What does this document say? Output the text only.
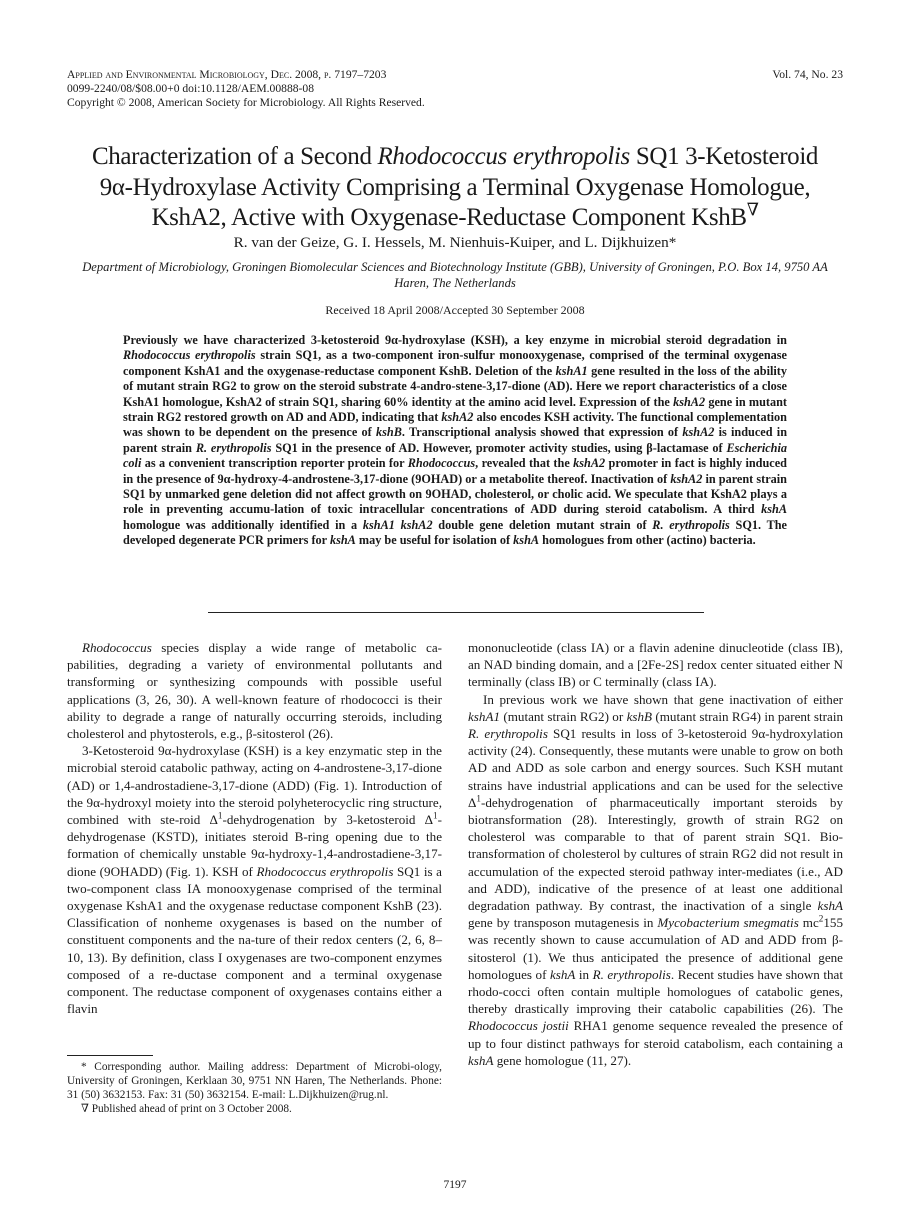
Applied and Environmental Microbiology, Dec. 2008, p. 7197–7203
0099-2240/08/$08.00+0 doi:10.1128/AEM.00888-08
Copyright © 2008, American Society for Microbiology. All Rights Reserved.
Vol. 74, No. 23
Characterization of a Second Rhodococcus erythropolis SQ1 3-Ketosteroid
9α-Hydroxylase Activity Comprising a Terminal Oxygenase Homologue,
KshA2, Active with Oxygenase-Reductase Component KshB∇
R. van der Geize, G. I. Hessels, M. Nienhuis-Kuiper, and L. Dijkhuizen*
Department of Microbiology, Groningen Biomolecular Sciences and Biotechnology Institute (GBB), University of Groningen, P.O. Box 14, 9750 AA Haren, The Netherlands
Received 18 April 2008/Accepted 30 September 2008
Previously we have characterized 3-ketosteroid 9α-hydroxylase (KSH), a key enzyme in microbial steroid degradation in Rhodococcus erythropolis strain SQ1, as a two-component iron-sulfur monooxygenase, comprised of the terminal oxygenase component KshA1 and the oxygenase-reductase component KshB. Deletion of the kshA1 gene resulted in the loss of the ability of mutant strain RG2 to grow on the steroid substrate 4-andro-stene-3,17-dione (AD). Here we report characteristics of a close KshA1 homologue, KshA2 of strain SQ1, sharing 60% identity at the amino acid level. Expression of the kshA2 gene in mutant strain RG2 restored growth on AD and ADD, indicating that kshA2 also encodes KSH activity. The functional complementation was shown to be dependent on the presence of kshB. Transcriptional analysis showed that expression of kshA2 is induced in parent strain R. erythropolis SQ1 in the presence of AD. However, promoter activity studies, using β-lactamase of Escherichia coli as a convenient transcription reporter protein for Rhodococcus, revealed that the kshA2 promoter in fact is highly induced in the presence of 9α-hydroxy-4-androstene-3,17-dione (9OHAD) or a metabolite thereof. Inactivation of kshA2 in parent strain SQ1 by unmarked gene deletion did not affect growth on 9OHAD, cholesterol, or cholic acid. We speculate that KshA2 plays a role in preventing accumu-lation of toxic intracellular concentrations of ADD during steroid catabolism. A third kshA homologue was additionally identified in a kshA1 kshA2 double gene deletion mutant strain of R. erythropolis SQ1. The developed degenerate PCR primers for kshA may be useful for isolation of kshA homologues from other (actino) bacteria.

Rhodococcus species display a wide range of metabolic ca-pabilities, degrading a variety of environmental pollutants and transforming or synthesizing compounds with possible useful applications (3, 26, 30). A well-known feature of rhodococci is their ability to degrade a range of naturally occurring steroids, including cholesterol and phytosterols, e.g., β-sitosterol (26).

3-Ketosteroid 9α-hydroxylase (KSH) is a key enzymatic step in the microbial steroid catabolic pathway, acting on 4-androstene-3,17-dione (AD) or 1,4-androstadiene-3,17-dione (ADD) (Fig. 1). Introduction of the 9α-hydroxyl moiety into the steroid polyheterocyclic ring structure, combined with ste-roid $\Delta^1$-dehydrogenation by 3-ketosteroid $\Delta^1$-dehydrogenase (KSTD), initiates steroid B-ring opening due to the formation of chemically unstable 9α-hydroxy-1,4-androstadiene-3,17-dione (9OHADD) (Fig. 1). KSH of Rhodococcus erythropolis SQ1 is a two-component class IA monooxygenase comprised of the terminal oxygenase KshA1 and the oxygenase reductase component KshB (23). Classification of nonheme oxygenases is based on the number of constituent components and the na-ture of their redox centers (2, 6, 8–10, 13). By definition, class I oxygenases are two-component enzymes composed of a re-ductase component and a terminal oxygenase component. The reductase component of oxygenases contains either a flavin

mononucleotide (class IA) or a flavin adenine dinucleotide (class IB), an NAD binding domain, and a [2Fe-2S] redox center situated either N terminally (class IB) or C terminally (class IA).

In previous work we have shown that gene inactivation of either kshA1 (mutant strain RG2) or kshB (mutant strain RG4) in parent strain R. erythropolis SQ1 results in loss of 3-ketosteroid 9α-hydroxylation activity (24). Consequently, these mutants were unable to grow on both AD and ADD as sole carbon and energy sources. Such KSH mutant strains have industrial applications and can be used for the selective $\Delta^1$-dehydrogenation of pharmaceutically important steroids by biotransformation (28). Interestingly, growth of strain RG2 on cholesterol was comparable to that of parent strain SQ1. Bio-transformation of cholesterol by cultures of strain RG2 did not result in accumulation of the expected steroid pathway inter-mediates (i.e., AD and ADD), indicative of the presence of at least one additional degradation pathway. By contrast, the inactivation of a single kshA gene by transposon mutagenesis in Mycobacterium smegmatis $mc^2155$ was recently shown to cause accumulation of AD and ADD from β-sitosterol (1). We thus anticipated the presence of additional gene homologues of kshA in R. erythropolis. Recent studies have shown that rhodo-cocci often contain multiple homologues of catabolic genes, thereby drastically improving their catabolic capabilities (26). The Rhodococcus jostii RHA1 genome sequence revealed the presence of up to four distinct pathways for steroid catabolism, each containing a kshA gene homologue (11, 27).

* Corresponding author. Mailing address: Department of Microbi-ology, University of Groningen, Kerklaan 30, 9751 NN Haren, The Netherlands. Phone: 31 (50) 3632153. Fax: 31 (50) 3632154. E-mail: L.Dijkhuizen@rug.nl.

∇ Published ahead of print on 3 October 2008.

7197
